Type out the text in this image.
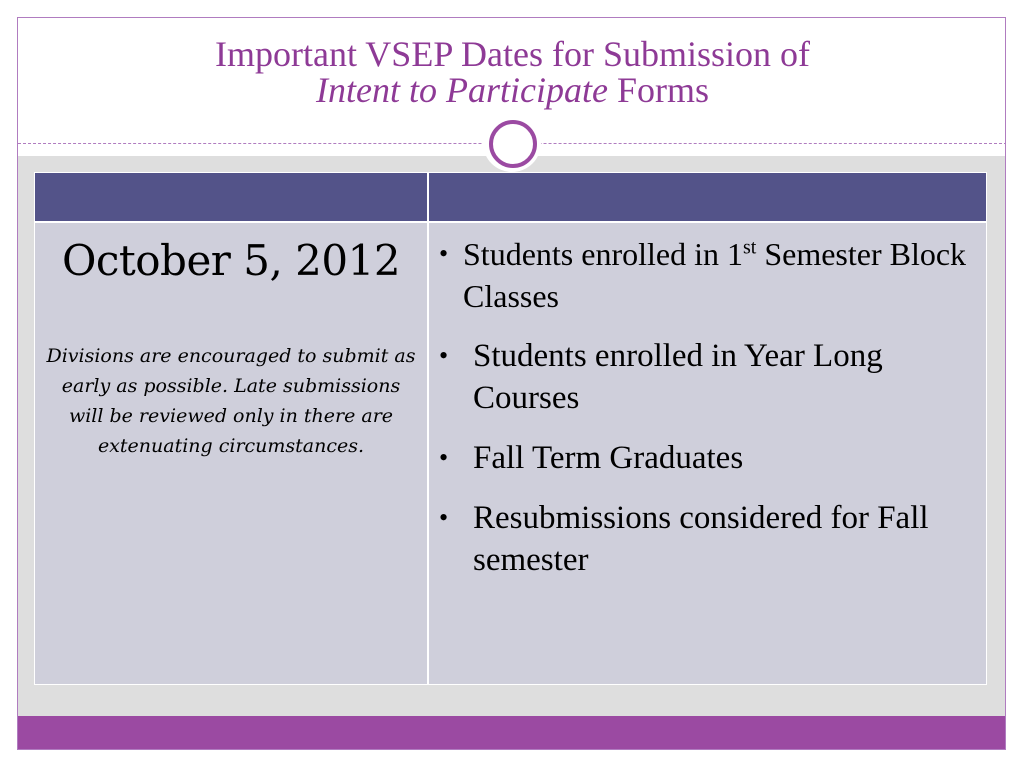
Important VSEP Dates for Submission of
Intent to Participate Forms
October 5, 2012
Divisions are encouraged to submit as early as possible. Late submissions will be reviewed only in there are extenuating circumstances.
• Students enrolled in 1st Semester Block Classes
• Students enrolled in Year Long Courses
• Fall Term Graduates
• Resubmissions considered for Fall semester
